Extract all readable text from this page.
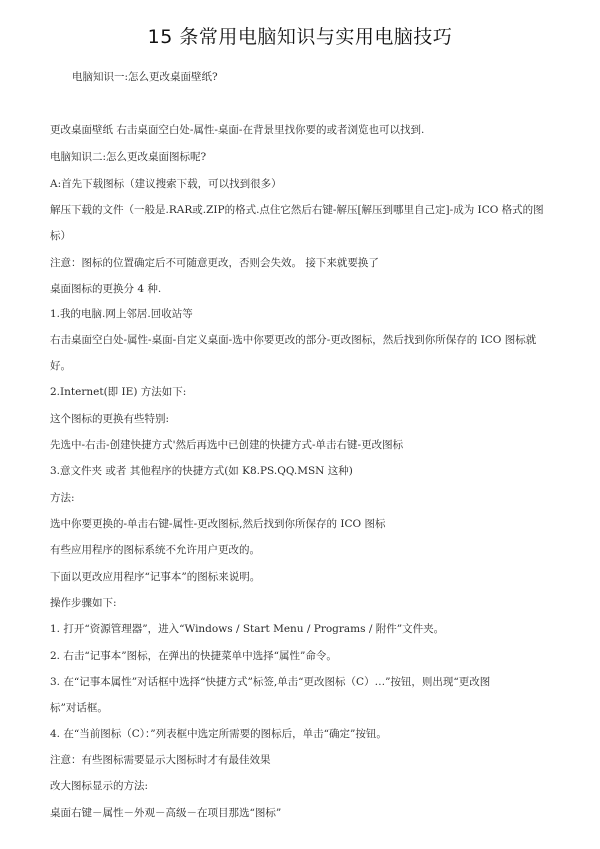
15 条常用电脑知识与实用电脑技巧
电脑知识一:怎么更改桌面壁纸?
更改桌面壁纸 右击桌面空白处-属性-桌面-在背景里找你要的或者浏览也可以找到.
电脑知识二:怎么更改桌面图标呢?
A:首先下载图标（建议搜索下载，可以找到很多）
解压下载的文件（一般是.RAR或.ZIP的格式.点住它然后右键-解压[解压到哪里自己定]-成为 ICO 格式的图
标）
注意：图标的位置确定后不可随意更改，否则会失效。 接下来就要换了
桌面图标的更换分 4 种.
1.我的电脑.网上邻居.回收站等
右击桌面空白处-属性-桌面-自定义桌面-选中你要更改的部分-更改图标，然后找到你所保存的 ICO 图标就
好。
2.Internet(即 IE) 方法如下:
这个图标的更换有些特别:
先选中-右击-创建快捷方式'然后再选中已创建的快捷方式-单击右键-更改图标
3.意文件夹 或者 其他程序的快捷方式(如 K8.PS.QQ.MSN 这种)
方法:
选中你要更换的-单击右键-属性-更改图标,然后找到你所保存的 ICO 图标
有些应用程序的图标系统不允许用户更改的。
下面以更改应用程序“记事本”的图标来说明。
操作步骤如下:
1. 打开“资源管理器”，进入“Windows / Start Menu / Programs / 附件”文件夹。
2. 右击“记事本”图标，在弹出的快捷菜单中选择“属性”命令。
3. 在“记事本属性”对话框中选择“快捷方式”标签,单击“更改图标（C）…”按钮，则出现“更改图
标”对话框。
4. 在“当前图标（C）：”列表框中选定所需要的图标后，单击“确定”按钮。
注意：有些图标需要显示大图标时才有最佳效果
改大图标显示的方法:
桌面右键－属性－外观－高级－在项目那选“图标”
